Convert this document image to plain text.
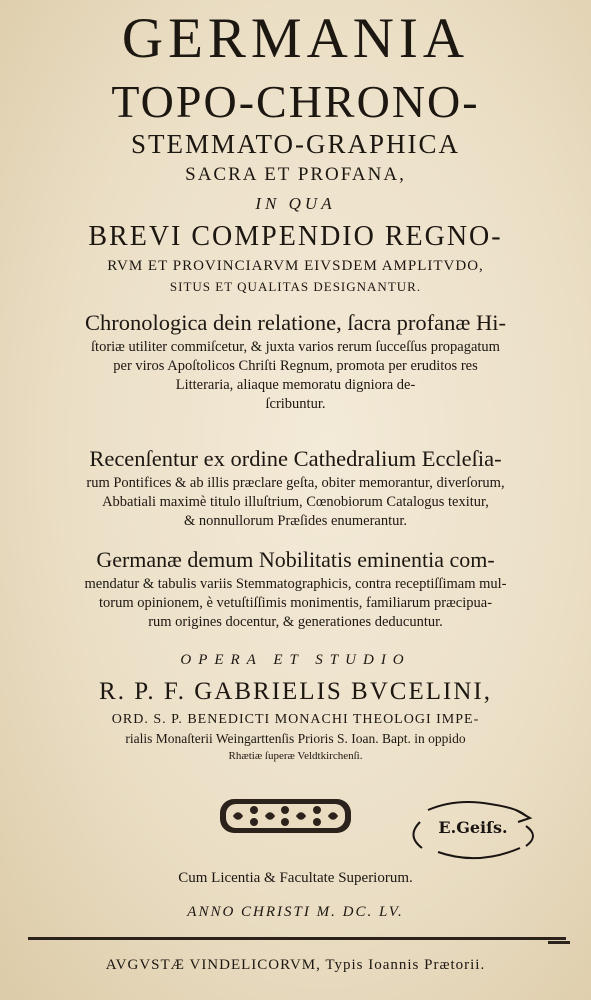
GERMANIA

TOPO-CHRONO-

STEMMATO-GRAPHICA

SACRA ET PROFANA,

IN QUA

BREVI COMPENDIO REGNO-

RVM ET PROVINCIARVM EIVSDEM AMPLITVDO,

SITUS ET QUALITAS DESIGNANTUR.

Chronologica dein relatione, ſacra profanæ Hi-
ſtoriæ utiliter commiſcetur, & juxta varios rerum ſucceſſus propagatum
per viros Apoſtolicos Chriſti Regnum, promota per eruditos res
Litteraria, aliaque memoratu digniora de-
ſcribuntur.
Recenſentur ex ordine Cathedralium Eccleſia-
rum Pontifices & ab illis præclare geſta, obiter memorantur, diverſorum,
Abbatiali maximè titulo illuſtrium, Cœnobiorum Catalogus texitur,
& nonnullorum Præſides enumerantur.
Germanæ demum Nobilitatis eminentia com-
mendatur & tabulis variis Stemmatographicis, contra receptiſſimam mul-
torum opinionem, è vetuſtiſſimis monimentis, familiarum præcipua-
rum origines docentur, & generationes deducuntur.

OPERA ET STUDIO

R. P. F. GABRIELIS BVCELINI,

ORD. S. P. BENEDICTI MONACHI THEOLOGI IMPE-

rialis Monaſterii Weingarttenſis Prioris S. Ioan. Bapt. in oppido

Rhætiæ ſuperæ Veldtkirchenſi.

E.Geiſs.

Cum Licentia & Facultate Superiorum.

ANNO CHRISTI M. DC. LV.

AVGVSTÆ VINDELICORVM, Typis Ioannis Prætorii.
